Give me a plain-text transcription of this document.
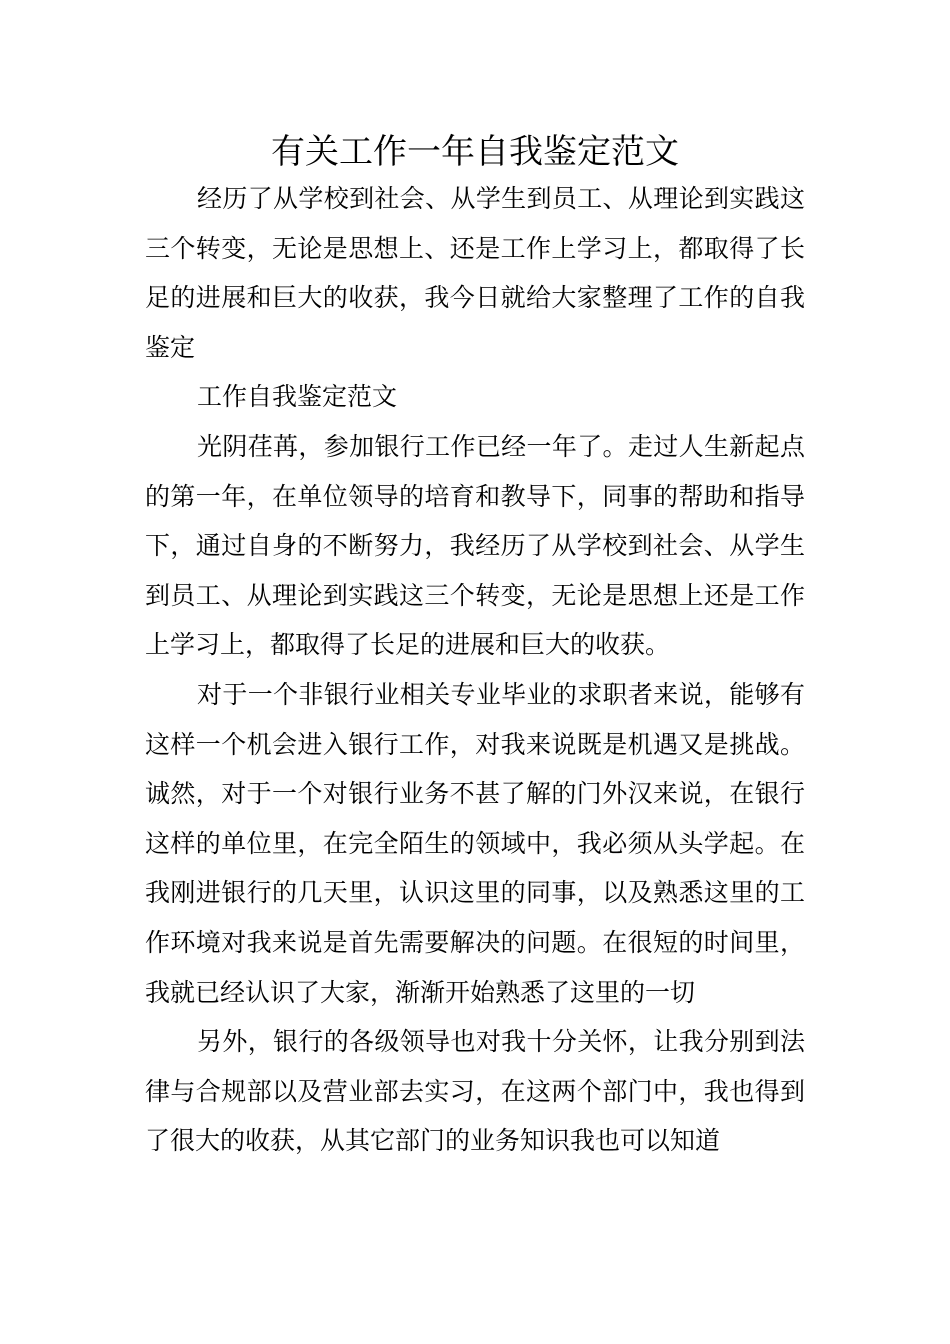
有关工作一年自我鉴定范文

经历了从学校到社会、从学生到员工、从理论到实践这三个转变，无论是思想上、还是工作上学习上，都取得了长足的进展和巨大的收获，我今日就给大家整理了工作的自我鉴定

工作自我鉴定范文

光阴荏苒，参加银行工作已经一年了。走过人生新起点的第一年，在单位领导的培育和教导下，同事的帮助和指导下，通过自身的不断努力，我经历了从学校到社会、从学生到员工、从理论到实践这三个转变，无论是思想上还是工作上学习上，都取得了长足的进展和巨大的收获。

对于一个非银行业相关专业毕业的求职者来说，能够有这样一个机会进入银行工作，对我来说既是机遇又是挑战。诚然，对于一个对银行业务不甚了解的门外汉来说，在银行这样的单位里，在完全陌生的领域中，我必须从头学起。在我刚进银行的几天里，认识这里的同事，以及熟悉这里的工作环境对我来说是首先需要解决的问题。在很短的时间里，我就已经认识了大家，渐渐开始熟悉了这里的一切

另外，银行的各级领导也对我十分关怀，让我分别到法律与合规部以及营业部去实习，在这两个部门中，我也得到了很大的收获，从其它部门的业务知识我也可以知道
